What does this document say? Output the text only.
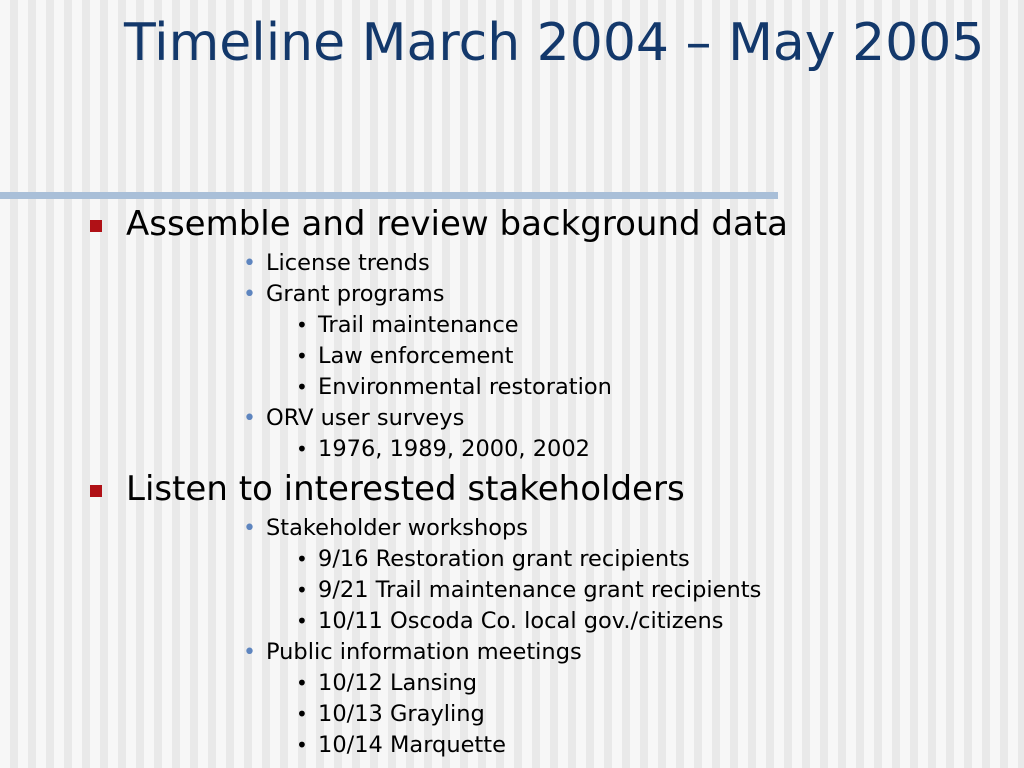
Timeline March 2004 – May 2005
Assemble and review background data
• License trends
• Grant programs
• Trail maintenance
• Law enforcement
• Environmental restoration
• ORV user surveys
• 1976, 1989, 2000, 2002
Listen to interested stakeholders
• Stakeholder workshops
• 9/16 Restoration grant recipients
• 9/21 Trail maintenance grant recipients
• 10/11 Oscoda Co. local gov./citizens
• Public information meetings
• 10/12 Lansing
• 10/13 Grayling
• 10/14 Marquette
